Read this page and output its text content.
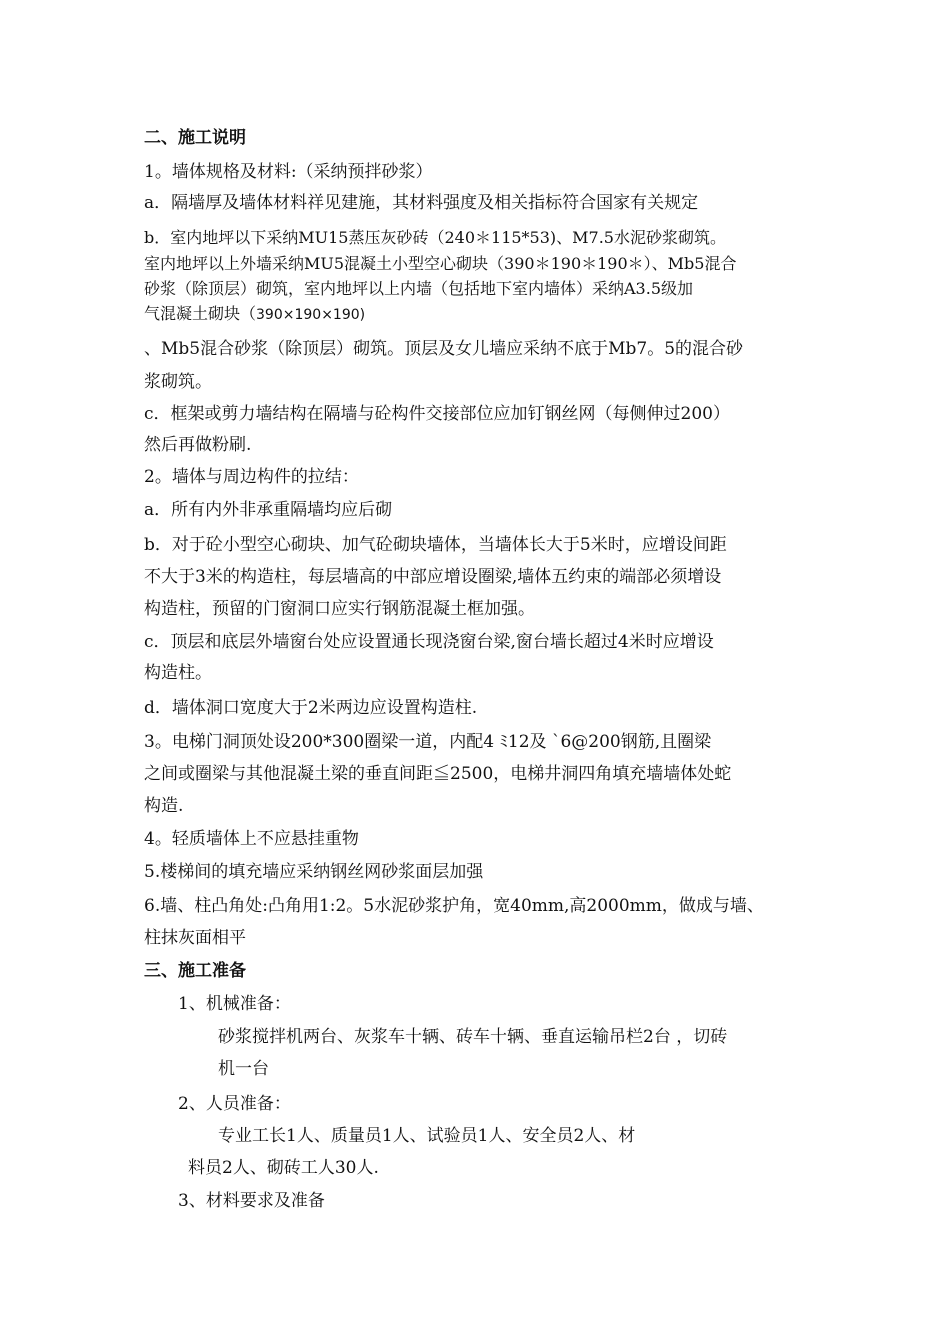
二、施工说明
1。墙体规格及材料:（采纳预拌砂浆）
a．隔墙厚及墙体材料祥见建施，其材料强度及相关指标符合国家有关规定
b．室内地坪以下采纳MU15蒸压灰砂砖（240＊115*53)、M7.5水泥砂浆砌筑。
室内地坪以上外墙采纳MU5混凝土小型空心砌块（390＊190＊190＊）、Mb5混合
砂浆（除顶层）砌筑，室内地坪以上内墙（包括地下室内墙体）采纳A3.5级加
气混凝土砌块（390×190×190)
、Mb5混合砂浆（除顶层）砌筑。顶层及女儿墙应采纳不底于Mb7。5的混合砂
浆砌筑。
c．框架或剪力墙结构在隔墙与砼构件交接部位应加钉钢丝网（每侧伸过200）
然后再做粉刷.
2。墙体与周边构件的拉结：
a．所有内外非承重隔墙均应后砌
b．对于砼小型空心砌块、加气砼砌块墙体，当墙体长大于5米时，应增设间距
不大于3米的构造柱，每层墙高的中部应增设圈梁,墙体五约束的端部必须增设
构造柱，预留的门窗洞口应实行钢筋混凝土框加强。
c．顶层和底层外墙窗台处应设置通长现浇窗台梁,窗台墙长超过4米时应增设
构造柱。
d．墙体洞口宽度大于2米两边应设置构造柱.
3。电梯门洞顶处设200*300圈梁一道，内配4 ﾐ12及 `6@200钢筋,且圈梁
之间或圈梁与其他混凝土梁的垂直间距≦2500，电梯井洞四角填充墙墙体处蛇
构造.
4。轻质墙体上不应悬挂重物
5.楼梯间的填充墙应采纳钢丝网砂浆面层加强
6.墙、柱凸角处:凸角用1:2。5水泥砂浆护角，宽40mm,高2000mm，做成与墙、
柱抹灰面相平
三、施工准备
1、机械准备：
砂浆搅拌机两台、灰浆车十辆、砖车十辆、垂直运输吊栏2台 ，切砖
机一台
2、人员准备：
专业工长1人、质量员1人、试验员1人、安全员2人、材
料员2人、砌砖工人30人.
3、材料要求及准备
